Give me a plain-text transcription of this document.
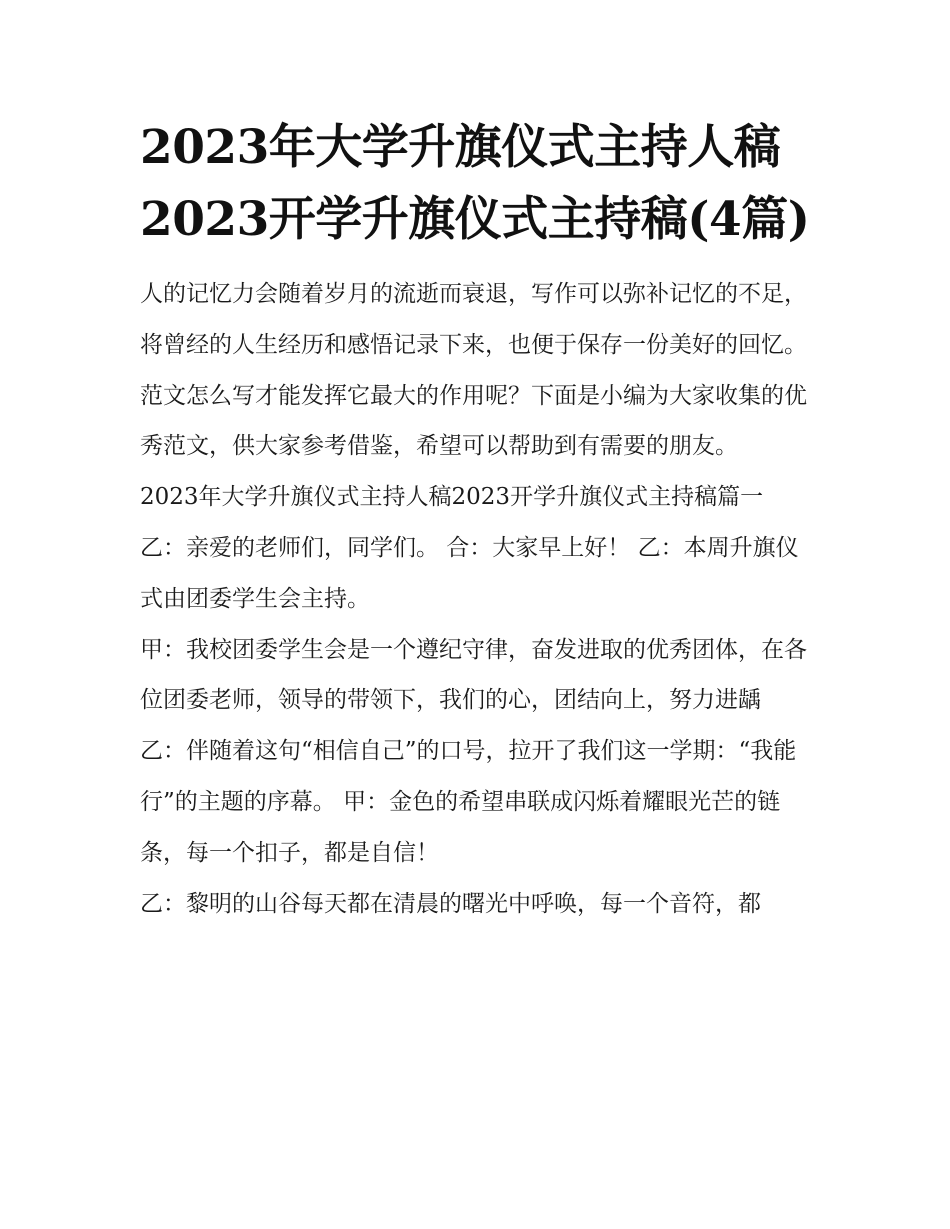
2023年大学升旗仪式主持人稿2023开学升旗仪式主持稿(4篇)

人的记忆力会随着岁月的流逝而衰退，写作可以弥补记忆的不足，将曾经的人生经历和感悟记录下来，也便于保存一份美好的回忆。范文怎么写才能发挥它最大的作用呢？下面是小编为大家收集的优秀范文，供大家参考借鉴，希望可以帮助到有需要的朋友。

2023年大学升旗仪式主持人稿2023开学升旗仪式主持稿篇一

乙：亲爱的老师们，同学们。 合：大家早上好！ 乙：本周升旗仪式由团委学生会主持。

甲：我校团委学生会是一个遵纪守律，奋发进取的优秀团体，在各位团委老师，领导的带领下，我们的心，团结向上，努力进龋

乙：伴随着这句“相信自己”的口号，拉开了我们这一学期：“我能行”的主题的序幕。 甲：金色的希望串联成闪烁着耀眼光芒的链条，每一个扣子，都是自信！

乙：黎明的山谷每天都在清晨的曙光中呼唤，每一个音符，都
